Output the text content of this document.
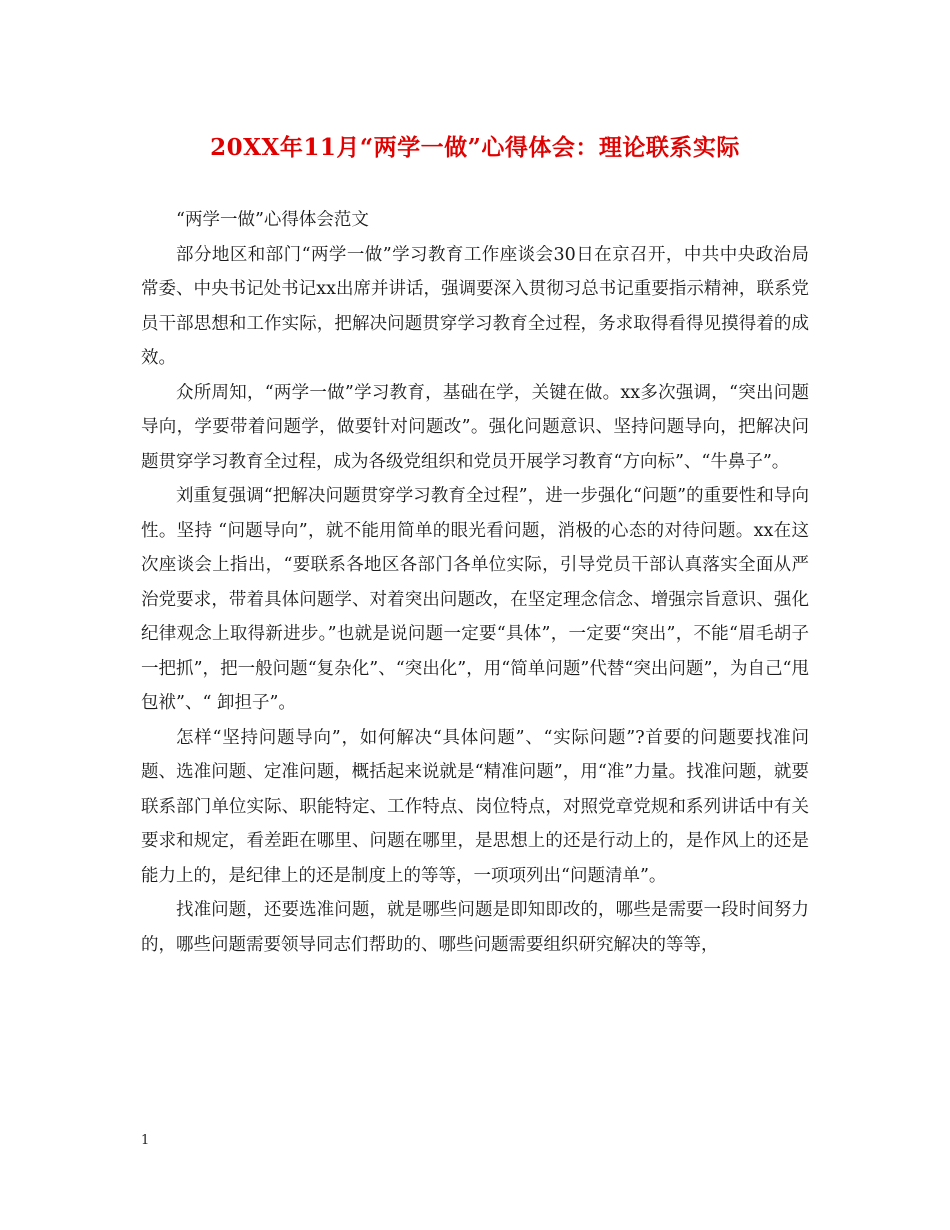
20XX年11月“两学一做”心得体会：理论联系实际

“两学一做”心得体会范文

部分地区和部门“两学一做”学习教育工作座谈会30日在京召开，中共中央政治局常委、中央书记处书记xx出席并讲话，强调要深入贯彻习总书记重要指示精神，联系党员干部思想和工作实际，把解决问题贯穿学习教育全过程，务求取得看得见摸得着的成效。

众所周知，“两学一做”学习教育，基础在学，关键在做。xx多次强调，“突出问题导向，学要带着问题学，做要针对问题改”。强化问题意识、坚持问题导向，把解决问题贯穿学习教育全过程，成为各级党组织和党员开展学习教育“方向标”、“牛鼻子”。

刘重复强调“把解决问题贯穿学习教育全过程”，进一步强化“问题”的重要性和导向性。坚持 “问题导向”，就不能用简单的眼光看问题，消极的心态的对待问题。xx在这次座谈会上指出，“要联系各地区各部门各单位实际，引导党员干部认真落实全面从严治党要求，带着具体问题学、对着突出问题改，在坚定理念信念、增强宗旨意识、强化纪律观念上取得新进步。”也就是说问题一定要“具体”，一定要“突出”，不能“眉毛胡子一把抓”，把一般问题“复杂化”、“突出化”，用“简单问题”代替“突出问题”，为自己“甩包袱”、“ 卸担子”。

怎样“坚持问题导向”，如何解决“具体问题”、“实际问题”?首要的问题要找准问题、选准问题、定准问题，概括起来说就是“精准问题”，用“准”力量。找准问题，就要联系部门单位实际、职能特定、工作特点、岗位特点，对照党章党规和系列讲话中有关要求和规定，看差距在哪里、问题在哪里，是思想上的还是行动上的，是作风上的还是能力上的，是纪律上的还是制度上的等等，一项项列出“问题清单”。

找准问题，还要选准问题，就是哪些问题是即知即改的，哪些是需要一段时间努力的，哪些问题需要领导同志们帮助的、哪些问题需要组织研究解决的等等，

1
